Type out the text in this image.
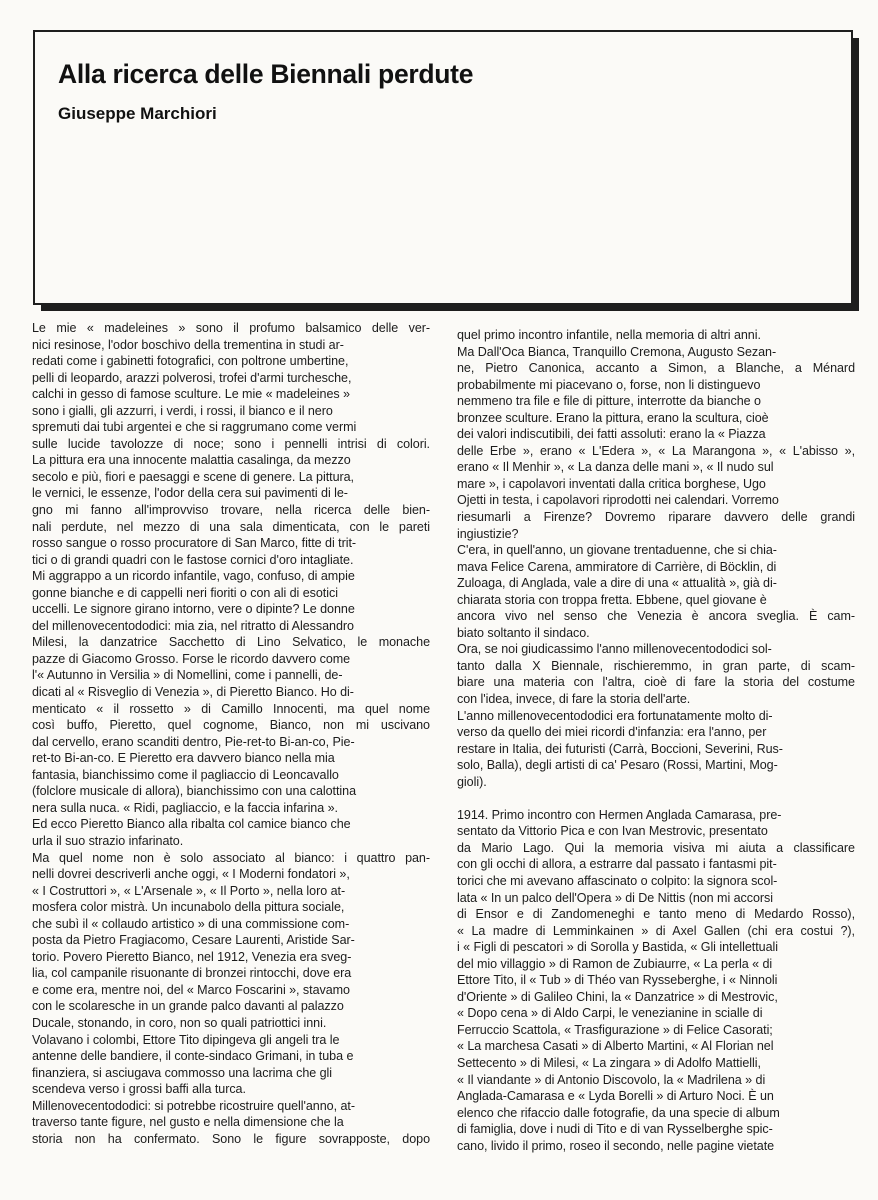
Alla ricerca delle Biennali perdute
Giuseppe Marchiori
Le mie « madeleines » sono il profumo balsamico delle ver-
nici resinose, l'odor boschivo della trementina in studi ar-
redati come i gabinetti fotografici, con poltrone umbertine,
pelli di leopardo, arazzi polverosi, trofei d'armi turchesche,
calchi in gesso di famose sculture. Le mie « madeleines »
sono i gialli, gli azzurri, i verdi, i rossi, il bianco e il nero
spremuti dai tubi argentei e che si raggrumano come vermi
sulle lucide tavolozze di noce; sono i pennelli intrisi di colori.
La pittura era una innocente malattia casalinga, da mezzo
secolo e più, fiori e paesaggi e scene di genere. La pittura,
le vernici, le essenze, l'odor della cera sui pavimenti di le-
gno mi fanno all'improvviso trovare, nella ricerca delle bien-
nali perdute, nel mezzo di una sala dimenticata, con le pareti
rosso sangue o rosso procuratore di San Marco, fitte di trit-
tici o di grandi quadri con le fastose cornici d'oro intagliate.
Mi aggrappo a un ricordo infantile, vago, confuso, di ampie
gonne bianche e di cappelli neri fioriti o con ali di esotici
uccelli. Le signore girano intorno, vere o dipinte? Le donne
del millenovecentododici: mia zia, nel ritratto di Alessandro
Milesi, la danzatrice Sacchetto di Lino Selvatico, le monache
pazze di Giacomo Grosso. Forse le ricordo davvero come
l'« Autunno in Versilia » di Nomellini, come i pannelli, de-
dicati al « Risveglio di Venezia », di Pieretto Bianco. Ho di-
menticato « il rossetto » di Camillo Innocenti, ma quel nome
così buffo, Pieretto, quel cognome, Bianco, non mi uscivano
dal cervello, erano scanditi dentro, Pie-ret-to Bi-an-co, Pie-
ret-to Bi-an-co. E Pieretto era davvero bianco nella mia
fantasia, bianchissimo come il pagliaccio di Leoncavallo
(folclore musicale di allora), bianchissimo con una calottina
nera sulla nuca. « Ridi, pagliaccio, e la faccia infarina ».
Ed ecco Pieretto Bianco alla ribalta col camice bianco che
urla il suo strazio infarinato.
Ma quel nome non è solo associato al bianco: i quattro pan-
nelli dovrei descriverli anche oggi, « I Moderni fondatori »,
« I Costruttori », « L'Arsenale », « Il Porto », nella loro at-
mosfera color mistrà. Un incunabolo della pittura sociale,
che subì il « collaudo artistico » di una commissione com-
posta da Pietro Fragiacomo, Cesare Laurenti, Aristide Sar-
torio. Povero Pieretto Bianco, nel 1912, Venezia era sveg-
lia, col campanile risuonante di bronzei rintocchi, dove era
e come era, mentre noi, del « Marco Foscarini », stavamo
con le scolaresche in un grande palco davanti al palazzo
Ducale, stonando, in coro, non so quali patriottici inni.
Volavano i colombi, Ettore Tito dipingeva gli angeli tra le
antenne delle bandiere, il conte-sindaco Grimani, in tuba e
finanziera, si asciugava commosso una lacrima che gli
scendeva verso i grossi baffi alla turca.
Millenovecentododici: si potrebbe ricostruire quell'anno, at-
traverso tante figure, nel gusto e nella dimensione che la
storia non ha confermato. Sono le figure sovrapposte, dopo
quel primo incontro infantile, nella memoria di altri anni.
Ma Dall'Oca Bianca, Tranquillo Cremona, Augusto Sezan-
ne, Pietro Canonica, accanto a Simon, a Blanche, a Ménard
probabilmente mi piacevano o, forse, non li distinguevo
nemmeno tra file e file di pitture, interrotte da bianche o
bronzee sculture. Erano la pittura, erano la scultura, cioè
dei valori indiscutibili, dei fatti assoluti: erano la « Piazza
delle Erbe », erano « L'Edera », « La Marangona », « L'abisso »,
erano « Il Menhir », « La danza delle mani », « Il nudo sul
mare », i capolavori inventati dalla critica borghese, Ugo
Ojetti in testa, i capolavori riprodotti nei calendari. Vorremo
riesumarli a Firenze? Dovremo riparare davvero delle grandi
ingiustizie?
C'era, in quell'anno, un giovane trentaduenne, che si chia-
mava Felice Carena, ammiratore di Carrière, di Böcklin, di
Zuloaga, di Anglada, vale a dire di una « attualità », già di-
chiarata storia con troppa fretta. Ebbene, quel giovane è
ancora vivo nel senso che Venezia è ancora sveglia. È cam-
biato soltanto il sindaco.
Ora, se noi giudicassimo l'anno millenovecentododici sol-
tanto dalla X Biennale, rischieremmo, in gran parte, di scam-
biare una materia con l'altra, cioè di fare la storia del costume
con l'idea, invece, di fare la storia dell'arte.
L'anno millenovecentododici era fortunatamente molto di-
verso da quello dei miei ricordi d'infanzia: era l'anno, per
restare in Italia, dei futuristi (Carrà, Boccioni, Severini, Rus-
solo, Balla), degli artisti di ca' Pesaro (Rossi, Martini, Mog-
gioli).
1914. Primo incontro con Hermen Anglada Camarasa, pre-
sentato da Vittorio Pica e con Ivan Mestrovic, presentato
da Mario Lago. Qui la memoria visiva mi aiuta a classificare
con gli occhi di allora, a estrarre dal passato i fantasmi pit-
torici che mi avevano affascinato o colpito: la signora scol-
lata « In un palco dell'Opera » di De Nittis (non mi accorsi
di Ensor e di Zandomeneghi e tanto meno di Medardo Rosso),
« La madre di Lemminkainen » di Axel Gallen (chi era costui ?),
i « Figli di pescatori » di Sorolla y Bastida, « Gli intellettuali
del mio villaggio » di Ramon de Zubiaurre, « La perla « di
Ettore Tito, il « Tub » di Théo van Rysseberghe, i « Ninnoli
d'Oriente » di Galileo Chini, la « Danzatrice » di Mestrovic,
« Dopo cena » di Aldo Carpi, le venezianine in scialle di
Ferruccio Scattola, « Trasfigurazione » di Felice Casorati;
« La marchesa Casati » di Alberto Martini, « Al Florian nel
Settecento » di Milesi, « La zingara » di Adolfo Mattielli,
« Il viandante » di Antonio Discovolo, la « Madrilena » di
Anglada-Camarasa e « Lyda Borelli » di Arturo Noci. È un
elenco che rifaccio dalle fotografie, da una specie di album
di famiglia, dove i nudi di Tito e di van Rysselberghe spic-
cano, livido il primo, roseo il secondo, nelle pagine vietate
